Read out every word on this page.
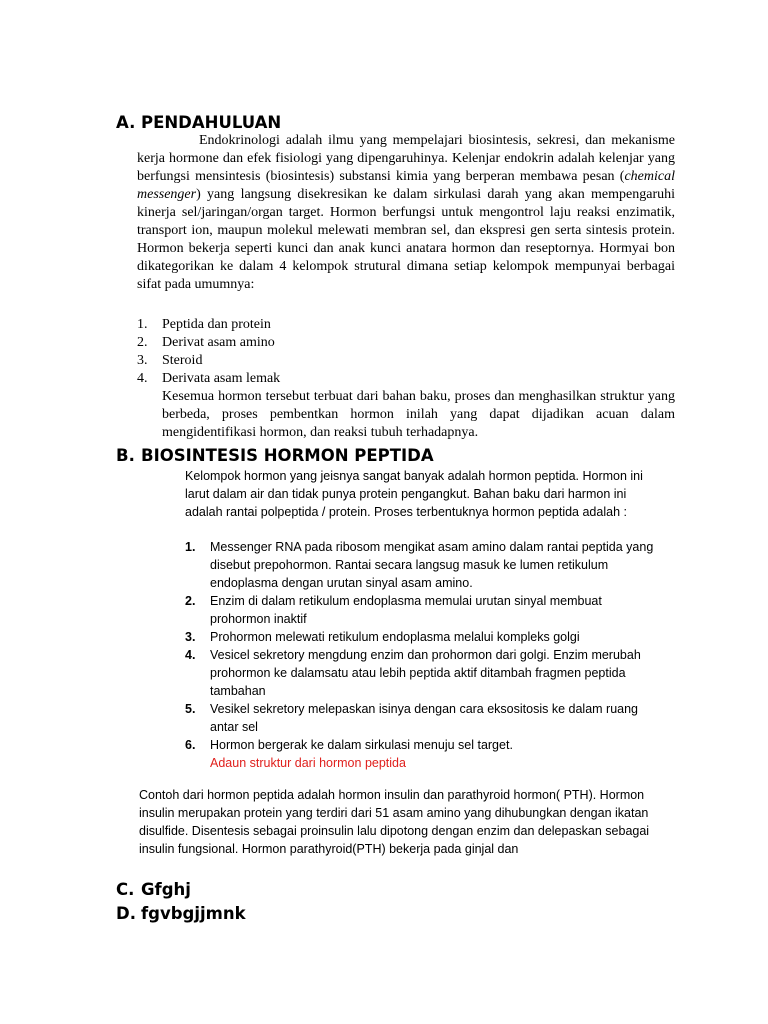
A. PENDAHULUAN

Endokrinologi adalah ilmu yang mempelajari biosintesis, sekresi, dan mekanisme kerja hormone dan efek fisiologi yang dipengaruhinya. Kelenjar endokrin adalah kelenjar yang berfungsi mensintesis (biosintesis) substansi kimia yang berperan membawa pesan (chemical messenger) yang langsung disekresikan ke dalam sirkulasi darah yang akan mempengaruhi kinerja sel/jaringan/organ target. Hormon berfungsi untuk mengontrol laju reaksi enzimatik, transport ion, maupun molekul melewati membran sel, dan ekspresi gen serta sintesis protein. Hormon bekerja seperti kunci dan anak kunci anatara hormon dan reseptornya. Hormyai bon dikategorikan ke dalam 4 kelompok strutural dimana setiap kelompok mempunyai berbagai sifat pada umumnya:

1. Peptida dan protein
2. Derivat asam amino
3. Steroid
4. Derivata asam lemak

Kesemua hormon tersebut terbuat dari bahan baku, proses dan menghasilkan struktur yang berbeda, proses pembentkan hormon inilah yang dapat dijadikan acuan dalam mengidentifikasi hormon, dan reaksi tubuh terhadapnya.

B. BIOSINTESIS HORMON PEPTIDA

Kelompok hormon yang jeisnya sangat banyak adalah hormon peptida. Hormon ini larut dalam air dan tidak punya protein pengangkut. Bahan baku dari harmon ini adalah rantai polpeptida / protein. Proses terbentuknya hormon peptida adalah :

1. Messenger RNA pada ribosom mengikat asam amino dalam rantai peptida yang disebut prepohormon. Rantai secara langsug masuk ke lumen retikulum endoplasma dengan urutan sinyal asam amino.
2. Enzim di dalam retikulum endoplasma memulai urutan sinyal membuat prohormon inaktif
3. Prohormon melewati retikulum endoplasma melalui kompleks golgi
4. Vesicel sekretory mengdung enzim dan prohormon dari golgi. Enzim merubah prohormon ke dalamsatu atau lebih peptida aktif ditambah fragmen peptida tambahan
5. Vesikel sekretory melepaskan isinya dengan cara eksositosis ke dalam ruang antar sel
6. Hormon bergerak ke dalam sirkulasi menuju sel target.
Adaun struktur dari hormon peptida

Contoh dari hormon peptida adalah hormon insulin dan parathyroid hormon( PTH). Hormon insulin merupakan protein yang terdiri dari 51 asam amino yang dihubungkan dengan ikatan disulfide. Disentesis sebagai proinsulin lalu dipotong dengan enzim dan delepaskan sebagai insulin fungsional. Hormon parathyroid(PTH) bekerja pada ginjal dan

C. Gfghj
D. fgvbgjjmnk
